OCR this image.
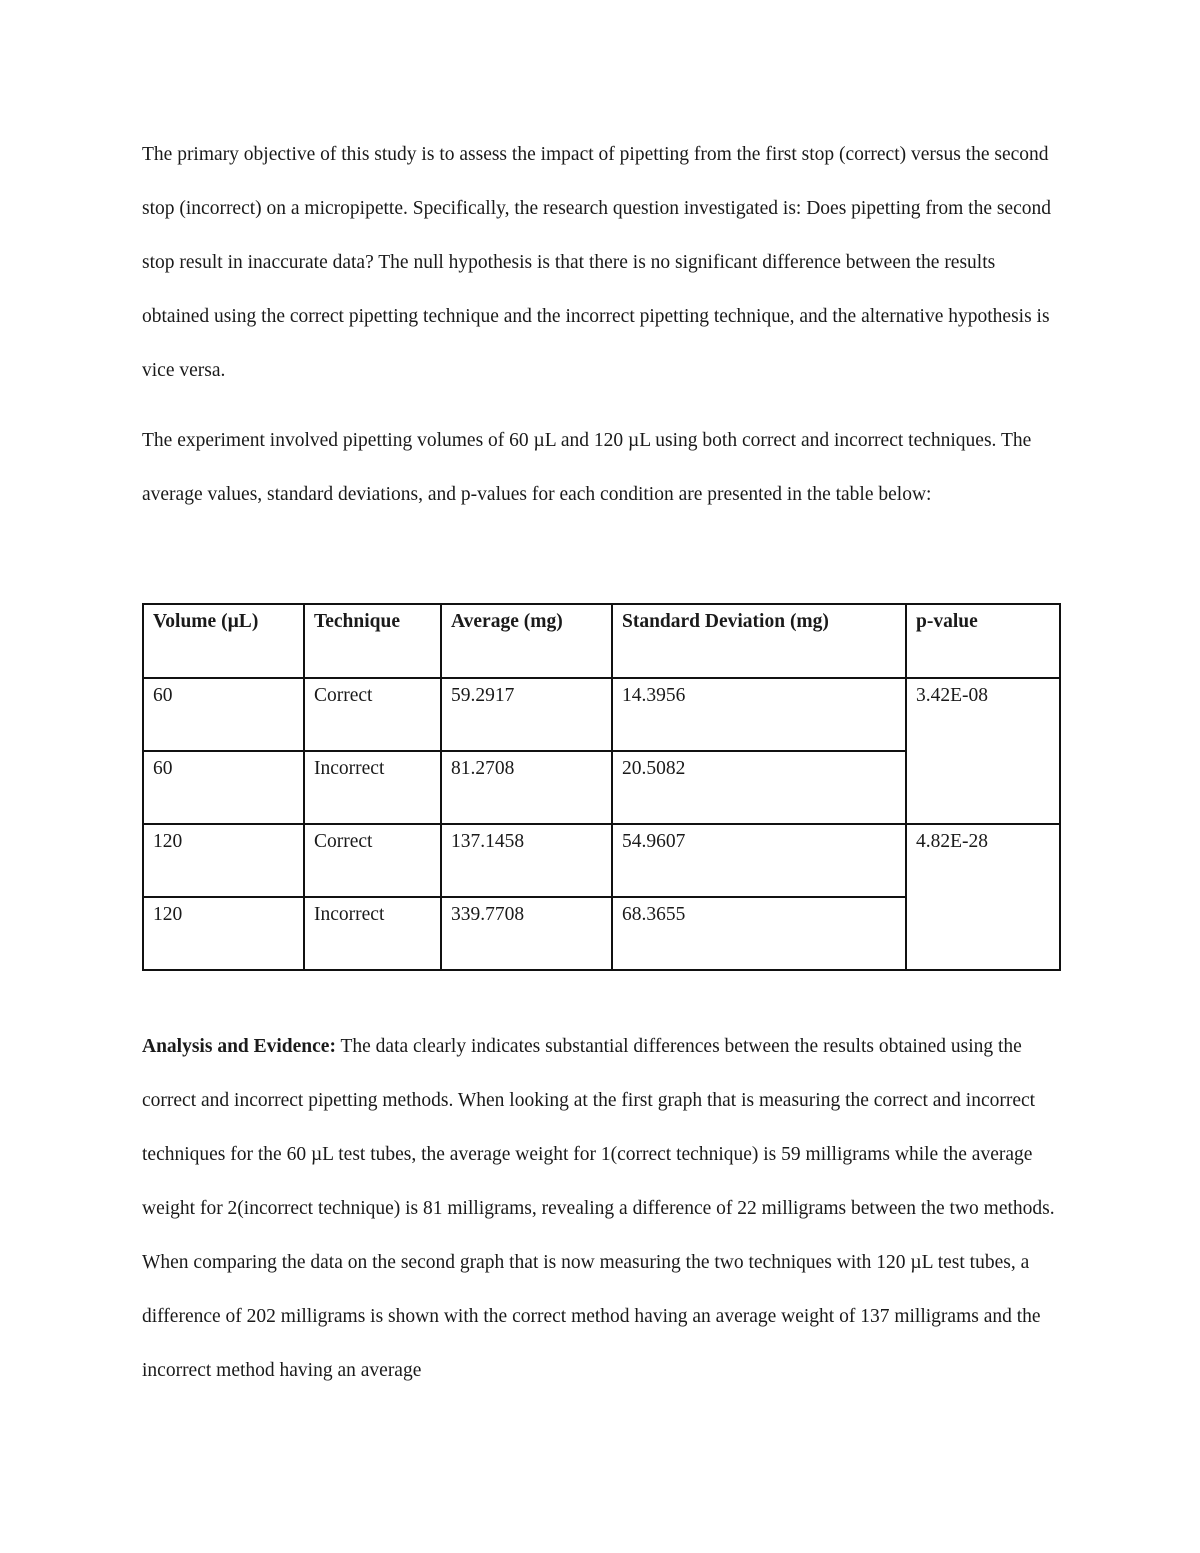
The primary objective of this study is to assess the impact of pipetting from the first stop (correct) versus the second stop (incorrect) on a micropipette. Specifically, the research question investigated is: Does pipetting from the second stop result in inaccurate data? The null hypothesis is that there is no significant difference between the results obtained using the correct pipetting technique and the incorrect pipetting technique, and the alternative hypothesis is vice versa.

The experiment involved pipetting volumes of 60 µL and 120 µL using both correct and incorrect techniques. The average values, standard deviations, and p-values for each condition are presented in the table below:

Volume (µL)	Technique	Average (mg)	Standard Deviation (mg)	p-value
60	Correct	59.2917	14.3956	3.42E-08
60	Incorrect	81.2708	20.5082	
120	Correct	137.1458	54.9607	4.82E-28
120	Incorrect	339.7708	68.3655	

Analysis and Evidence: The data clearly indicates substantial differences between the results obtained using the correct and incorrect pipetting methods. When looking at the first graph that is measuring the correct and incorrect techniques for the 60 µL test tubes, the average weight for 1(correct technique) is 59 milligrams while the average weight for 2(incorrect technique) is 81 milligrams, revealing a difference of 22 milligrams between the two methods. When comparing the data on the second graph that is now measuring the two techniques with 120 µL test tubes, a difference of 202 milligrams is shown with the correct method having an average weight of 137 milligrams and the incorrect method having an average
